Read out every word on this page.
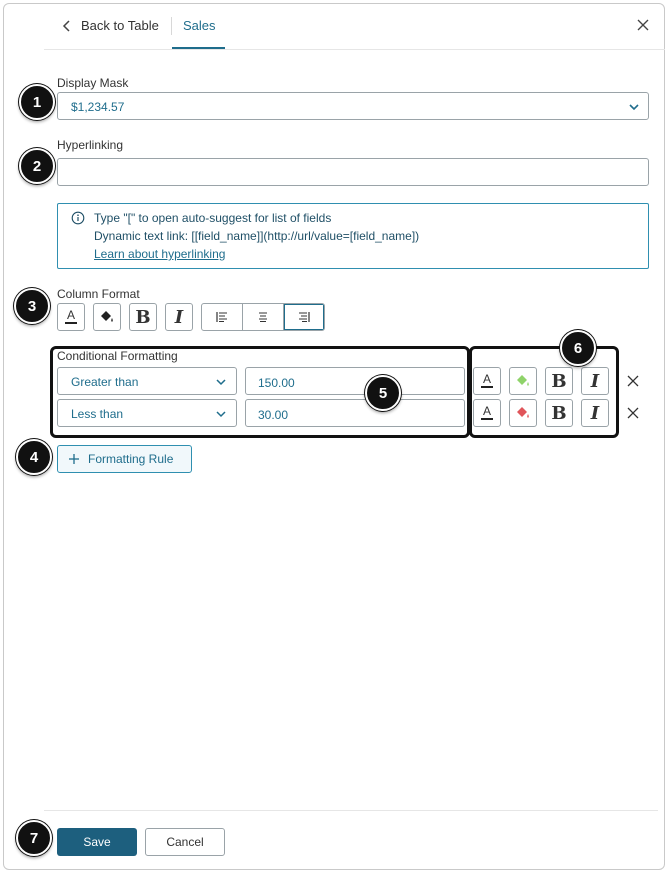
Back to Table Sales
Display Mask
$1,234.57
1
Hyperlinking
2
Type "[" to open auto-suggest for list of fields
Dynamic text link: [[field_name]](http://url/value=[field_name])
Learn about hyperlinking
Column Format
3
A	B I
Conditional Formatting
Greater than	150.00	A	B I
Less than	30.00	A	B I
5
6
Formatting Rule
4
Save	Cancel
7
